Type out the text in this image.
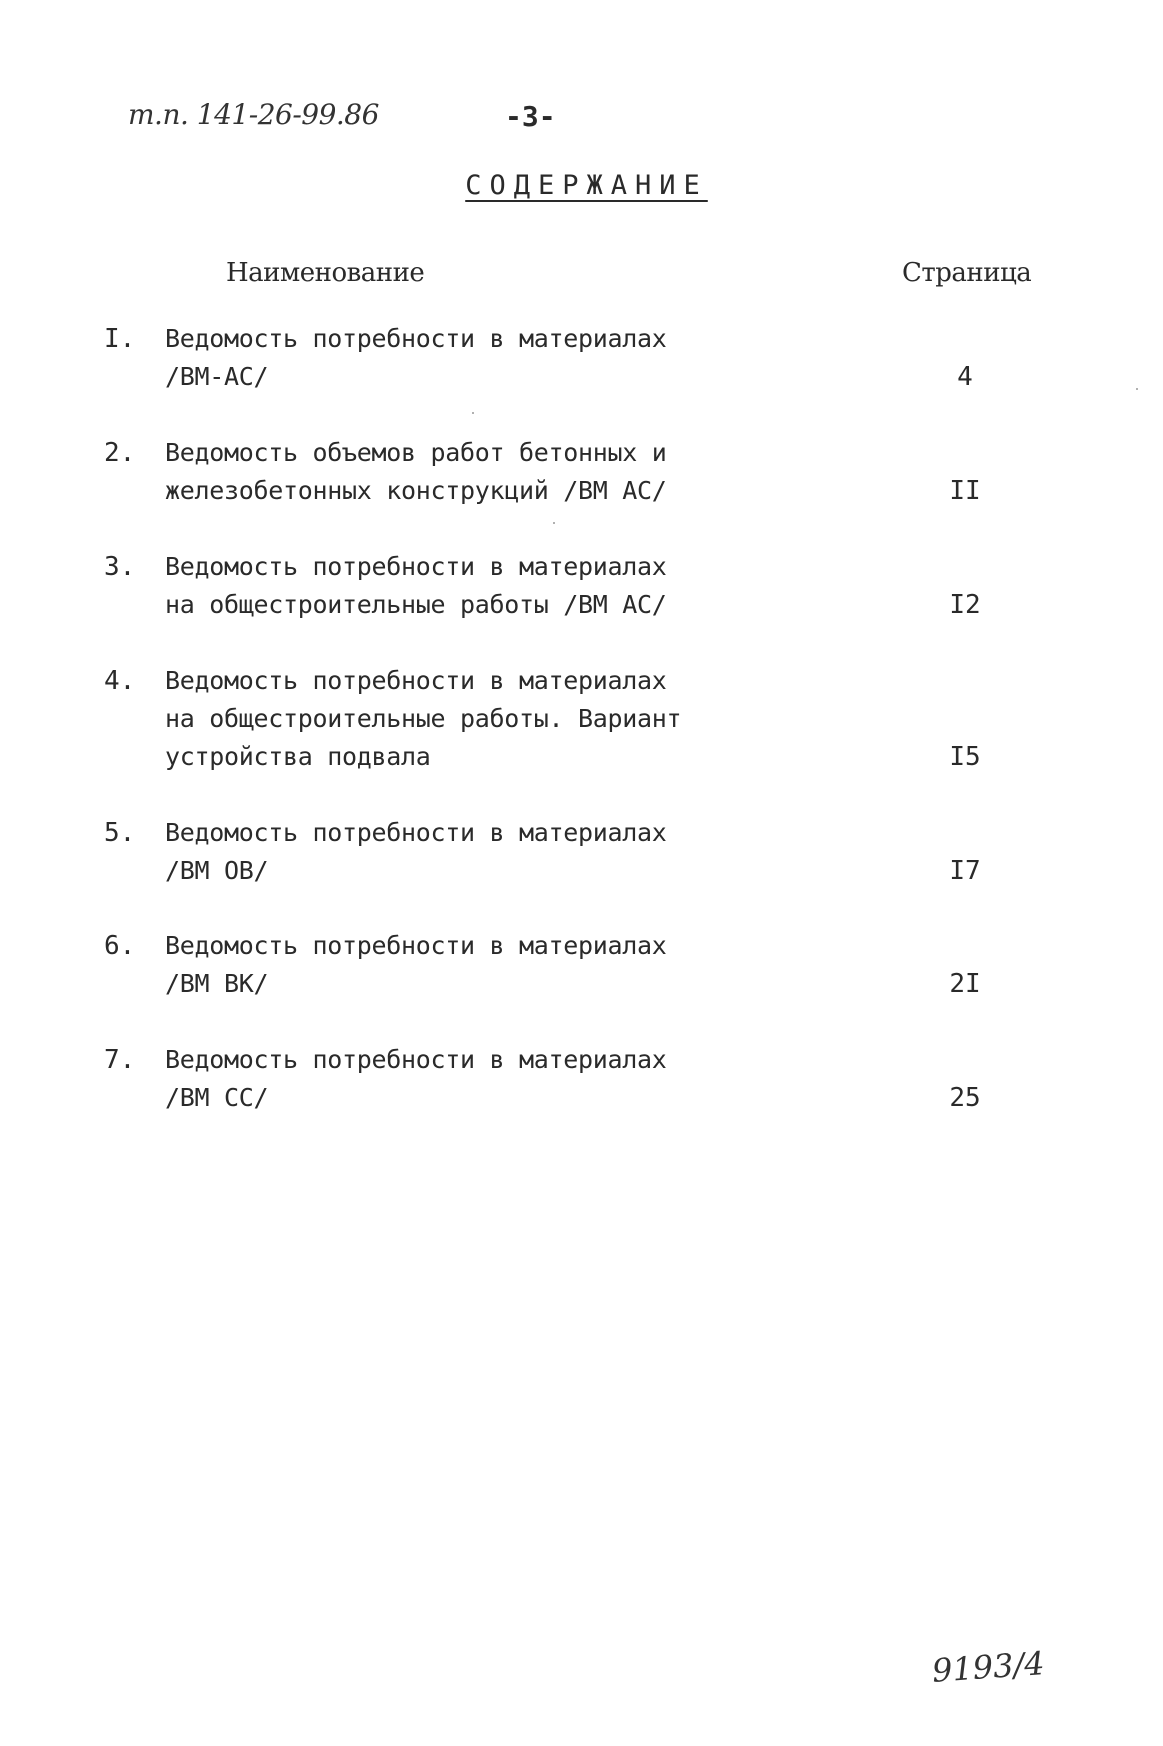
т.п. 141-26-99.86	-3-
СОДЕРЖАНИЕ
Наименование	Страница
I. Ведомость потребности в материалах
/ВМ-АС/	4
2. Ведомость объемов работ бетонных и
железобетонных конструкций /ВМ АС/	II
3. Ведомость потребности в материалах
на общестроительные работы /ВМ АС/	I2
4. Ведомость потребности в материалах
на общестроительные работы. Вариант
устройства подвала	I5
5. Ведомость потребности в материалах
/ВМ ОВ/	I7
6. Ведомость потребности в материалах
/ВМ ВК/	2I
7. Ведомость потребности в материалах
/ВМ СС/	25
9193/4
